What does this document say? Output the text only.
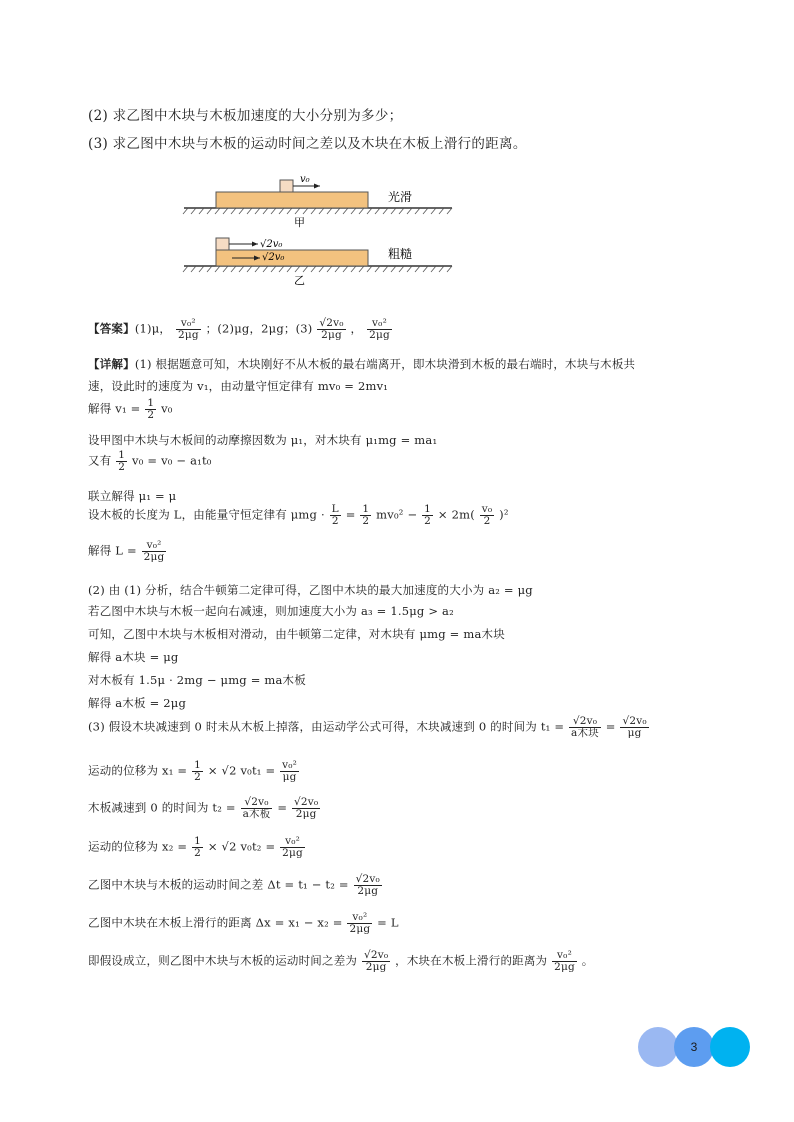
(2) 求乙图中木块与木板加速度的大小分别为多少；
(3) 求乙图中木块与木板的运动时间之差以及木块在木板上滑行的距离。
v₀
光滑
甲
√2v₀
√2v₀	粗糙
乙
【答案】(1)μ， $\frac{\text{v₀²}}{2\mu g}$ ；(2)μg，2μg；$(3) \frac{\text{√2v₀}}{2\mu g}$ ， $\frac{\text{v₀²}}{2\mu g}$
【详解】(1) 根据题意可知，木块刚好不从木板的最右端离开，即木块滑到木板的最右端时，木块与木板共
速，设此时的速度为 v₁，由动量守恒定律有 mv₀ = 2mv₁
解得 $v_1 = \frac{1}{2} v_0$
设甲图中木块与木板间的动摩擦因数为 μ₁，对木块有 μ₁mg = ma₁
又有 $\frac{1}{2} v_0 = v_0 - a_1t_0$
联立解得 μ₁ = μ
设木板的长度为 L，由能量守恒定律有 $\mu mg \cdot \frac{L}{2} = \frac{1}{2} mv_0^2 - \frac{1}{2} \times 2m( \frac{\text{v₀}}{2} )^2$
解得 $L = \frac{\text{v₀²}}{2\mu g}$
(2) 由 (1) 分析，结合牛顿第二定律可得，乙图中木块的最大加速度的大小为 a₂ = μg
若乙图中木块与木板一起向右减速，则加速度大小为 a₃ = 1.5μg > a₂
可知，乙图中木块与木板相对滑动，由牛顿第二定律，对木块有 μmg = ma木块
解得 a木块 = μg
对木板有 1.5μ · 2mg − μmg = ma木板
解得 a木板 = 2μg
(3) 假设木块减速到 0 时未从木板上掉落，由运动学公式可得，木块减速到 0 的时间为 $t_1 = \frac{\text{√2v₀}}{\text{a木块}} = \frac{\text{√2v₀}}{\mu g}$
运动的位移为 $x_1 = \frac{1}{2} \times √2$ $v_0t_1 = \frac{\text{v₀²}}{\mu g}$
木板减速到 0 的时间为 $t_2 = \frac{\text{√2v₀}}{\text{a木板}} = \frac{\text{√2v₀}}{2\mu g}$
运动的位移为 $x_2 = \frac{1}{2} \times √2$ $v_0t_2 = \frac{\text{v₀²}}{2\mu g}$
乙图中木块与木板的运动时间之差 $\Delta t = t_1 - t_2 = \frac{\text{√2v₀}}{2\mu g}$
乙图中木块在木板上滑行的距离 $\Delta x = x_1 - x_2 = \frac{\text{v₀²}}{2\mu g} = L$
即假设成立，则乙图中木块与木板的运动时间之差为 $\frac{\text{√2v₀}}{2\mu g}$ ，木块在木板上滑行的距离为 $\frac{\text{v₀²}}{2\mu g}$ 。
3
